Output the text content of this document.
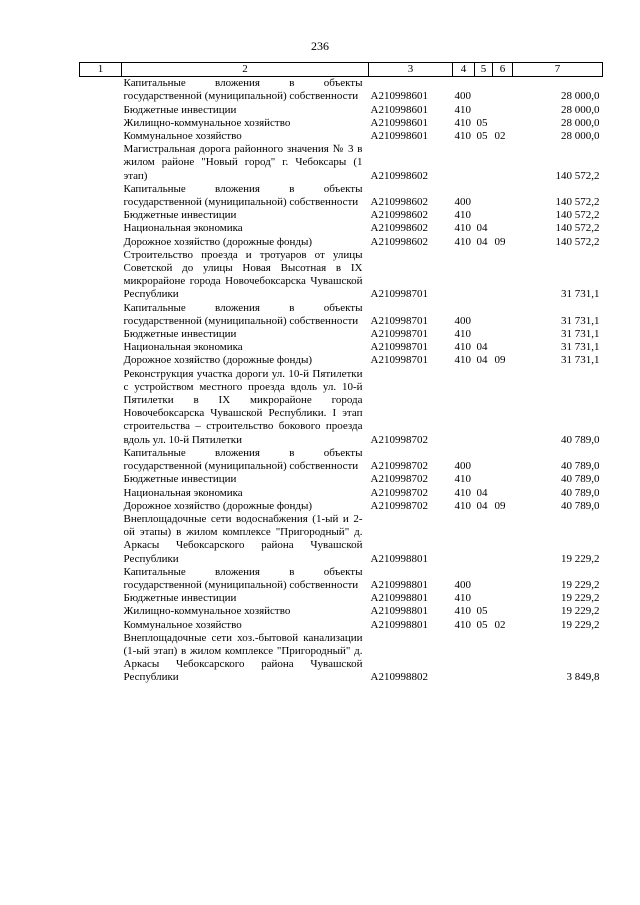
236
1	2	3	4	5	6	7
	Капитальные вложения в объекты государственной (муниципальной) собственности	А210998601	400			28 000,0
	Бюджетные инвестиции	А210998601	410			28 000,0
	Жилищно-коммунальное хозяйство	А210998601	410	05		28 000,0
	Коммунальное хозяйство	А210998601	410	05	02	28 000,0
	Магистральная дорога районного значения № 3 в жилом районе "Новый город" г. Чебоксары (1 этап)	А210998602				140 572,2
	Капитальные вложения в объекты государственной (муниципальной) собственности	А210998602	400			140 572,2
	Бюджетные инвестиции	А210998602	410			140 572,2
	Национальная экономика	А210998602	410	04		140 572,2
	Дорожное хозяйство (дорожные фонды)	А210998602	410	04	09	140 572,2
	Строительство проезда и тротуаров от улицы Советской до улицы Новая Высотная в IX микрорайоне города Новочебоксарска Чувашской Республики	А210998701				31 731,1
	Капитальные вложения в объекты государственной (муниципальной) собственности	А210998701	400			31 731,1
	Бюджетные инвестиции	А210998701	410			31 731,1
	Национальная экономика	А210998701	410	04		31 731,1
	Дорожное хозяйство (дорожные фонды)	А210998701	410	04	09	31 731,1
	Реконструкция участка дороги ул. 10-й Пятилетки с устройством местного проезда вдоль ул. 10-й Пятилетки в IX микрорайоне города Новочебоксарска Чувашской Республики. I этап строительства – строительство бокового проезда вдоль ул. 10-й Пятилетки	А210998702				40 789,0
	Капитальные вложения в объекты государственной (муниципальной) собственности	А210998702	400			40 789,0
	Бюджетные инвестиции	А210998702	410			40 789,0
	Национальная экономика	А210998702	410	04		40 789,0
	Дорожное хозяйство (дорожные фонды)	А210998702	410	04	09	40 789,0
	Внеплощадочные сети водоснабжения (1-ый и 2-ой этапы) в жилом комплексе "Пригородный" д. Аркасы Чебоксарского района Чувашской Республики	А210998801				19 229,2
	Капитальные вложения в объекты государственной (муниципальной) собственности	А210998801	400			19 229,2
	Бюджетные инвестиции	А210998801	410			19 229,2
	Жилищно-коммунальное хозяйство	А210998801	410	05		19 229,2
	Коммунальное хозяйство	А210998801	410	05	02	19 229,2
	Внеплощадочные сети хоз.-бытовой канализации (1-ый этап) в жилом комплексе "Пригородный" д. Аркасы Чебоксарского района Чувашской Республики	А210998802				3 849,8
